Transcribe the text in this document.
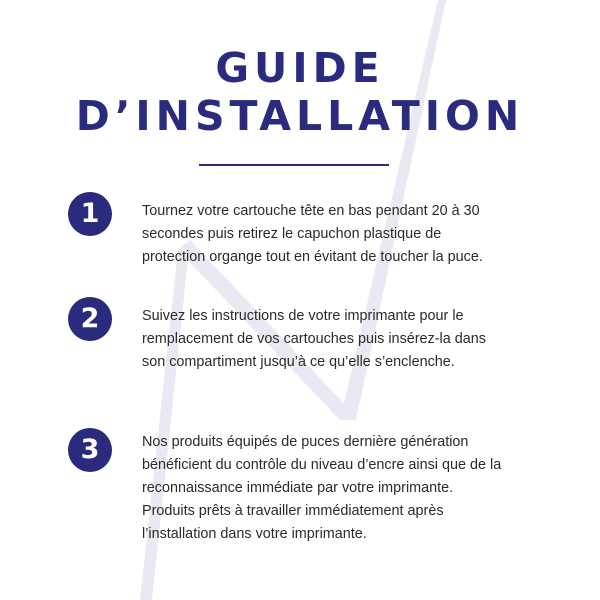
GUIDE
D’INSTALLATION
1	Tournez votre cartouche tête en bas pendant 20 à 30
secondes puis retirez le capuchon plastique de
protection organge tout en évitant de toucher la puce.
2	Suivez les instructions de votre imprimante pour le
remplacement de vos cartouches puis insérez-la dans
son compartiment jusqu’à ce qu’elle s’enclenche.
3	Nos produits équipés de puces dernière génération
bénéficient du contrôle du niveau d’encre ainsi que de la
reconnaissance immédiate par votre imprimante.
Produits prêts à travailler immédiatement après
l’installation dans votre imprimante.
